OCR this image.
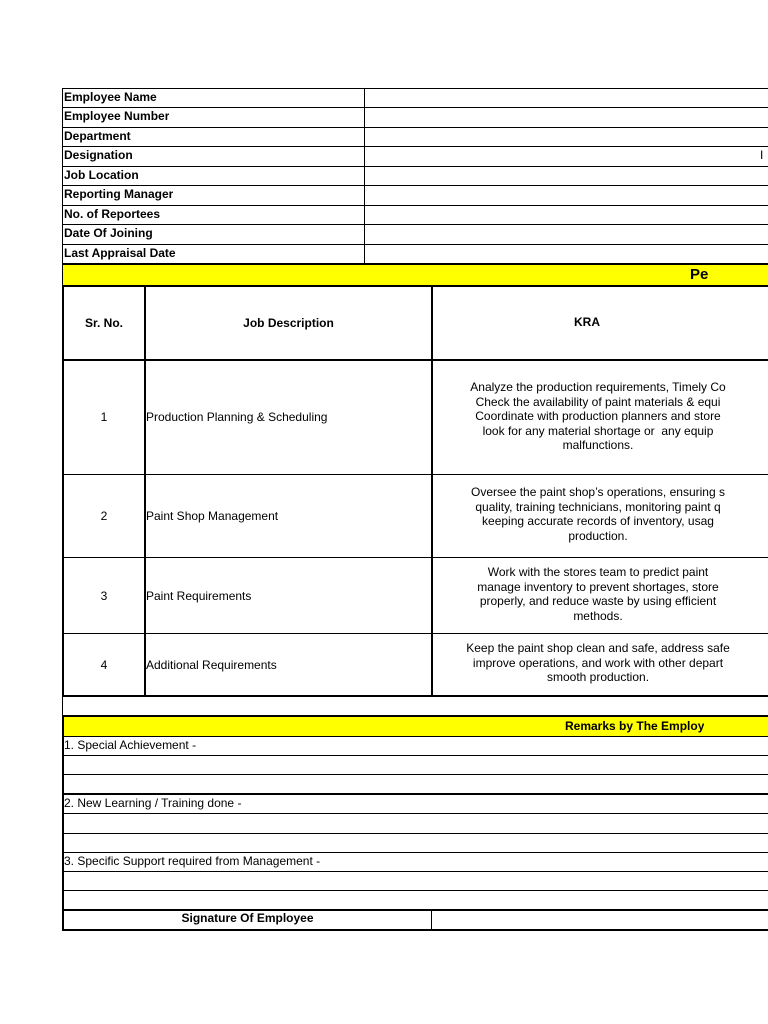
Employee Name
Employee Number
Department
Designation	I
Job Location
Reporting Manager
No. of Reportees
Date Of Joining
Last Appraisal Date
Pe
Sr. No.	Job Description	KRA
1	Production Planning & Scheduling
Analyze the production requirements, Timely Co
Check the availability of paint materials & equi
Coordinate with production planners and store
look for any material shortage or  any equip
malfunctions.
2	Paint Shop Management
Oversee the paint shop’s operations, ensuring s
quality, training technicians, monitoring paint q
keeping accurate records of inventory, usag
production.
3	Paint Requirements
Work with the stores team to predict paint
manage inventory to prevent shortages, store
properly, and reduce waste by using efficient
methods.
4	Additional Requirements
Keep the paint shop clean and safe, address safe
improve operations, and work with other depart
smooth production.
Remarks by The Employ
1. Special Achievement -
2. New Learning / Training done -
3. Specific Support required from Management -
Signature Of Employee
